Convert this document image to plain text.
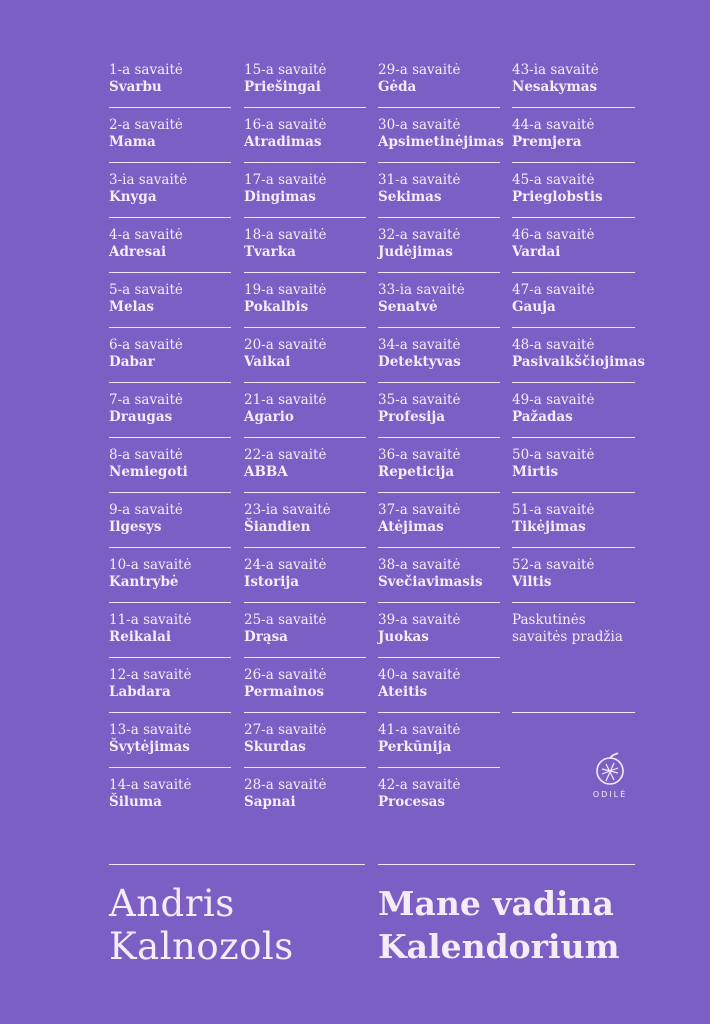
1-a savaitė
Svarbu
2-a savaitė
Mama
3-ia savaitė
Knyga
4-a savaitė
Adresai
5-a savaitė
Melas
6-a savaitė
Dabar
7-a savaitė
Draugas
8-a savaitė
Nemiegoti
9-a savaitė
Ilgesys
10-a savaitė
Kantrybė
11-a savaitė
Reikalai
12-a savaitė
Labdara
13-a savaitė
Švytėjimas
14-a savaitė
Šiluma
15-a savaitė
Priešingai
16-a savaitė
Atradimas
17-a savaitė
Dingimas
18-a savaitė
Tvarka
19-a savaitė
Pokalbis
20-a savaitė
Vaikai
21-a savaitė
Agario
22-a savaitė
ABBA
23-ia savaitė
Šiandien
24-a savaitė
Istorija
25-a savaitė
Drąsa
26-a savaitė
Permainos
27-a savaitė
Skurdas
28-a savaitė
Sapnai
29-a savaitė
Gėda
30-a savaitė
Apsimetinėjimas
31-a savaitė
Sekimas
32-a savaitė
Judėjimas
33-ia savaitė
Senatvė
34-a savaitė
Detektyvas
35-a savaitė
Profesija
36-a savaitė
Repeticija
37-a savaitė
Atėjimas
38-a savaitė
Svečiavimasis
39-a savaitė
Juokas
40-a savaitė
Ateitis
41-a savaitė
Perkūnija
42-a savaitė
Procesas
43-ia savaitė
Nesakymas
44-a savaitė
Premjera
45-a savaitė
Prieglobstis
46-a savaitė
Vardai
47-a savaitė
Gauja
48-a savaitė
Pasivaikščiojimas
49-a savaitė
Pažadas
50-a savaitė
Mirtis
51-a savaitė
Tikėjimas
52-a savaitė
Viltis
Paskutinės savaitės pradžia
ODILĖ
Andris
Kalnozols
Mane vadina
Kalendorium
